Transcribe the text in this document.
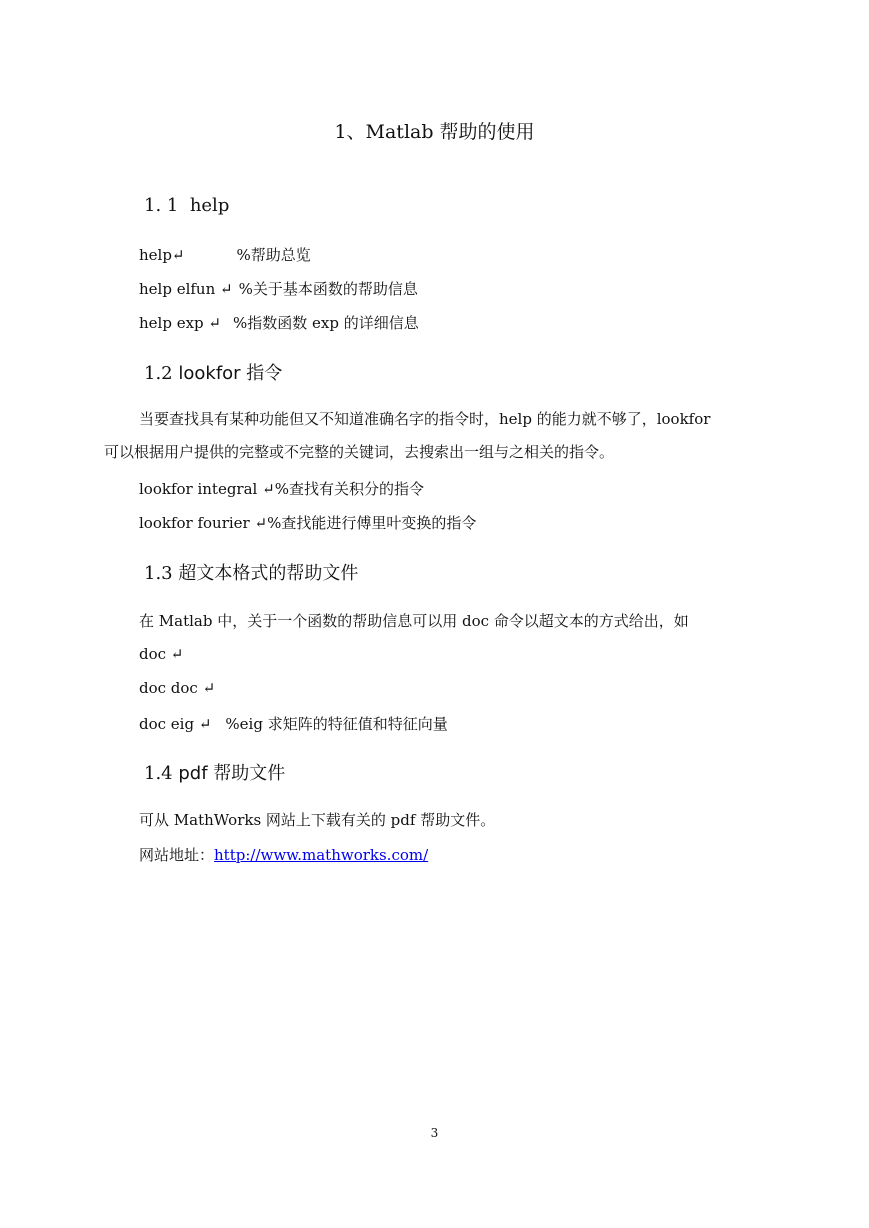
1、Matlab 帮助的使用
1. 1 help
help↵	%帮助总览
help elfun ↵ %关于基本函数的帮助信息
help exp ↵ %指数函数 exp 的详细信息
1.2 lookfor 指令
当要查找具有某种功能但又不知道准确名字的指令时，help 的能力就不够了，lookfor
可以根据用户提供的完整或不完整的关键词，去搜索出一组与之相关的指令。
lookfor integral ↵%查找有关积分的指令
lookfor fourier ↵%查找能进行傅里叶变换的指令
1.3 超文本格式的帮助文件
在 Matlab 中，关于一个函数的帮助信息可以用 doc 命令以超文本的方式给出，如
doc ↵
doc doc ↵
doc eig ↵ %eig 求矩阵的特征值和特征向量
1.4 pdf 帮助文件
可从 MathWorks 网站上下载有关的 pdf 帮助文件。
网站地址：http://www.mathworks.com/
3
